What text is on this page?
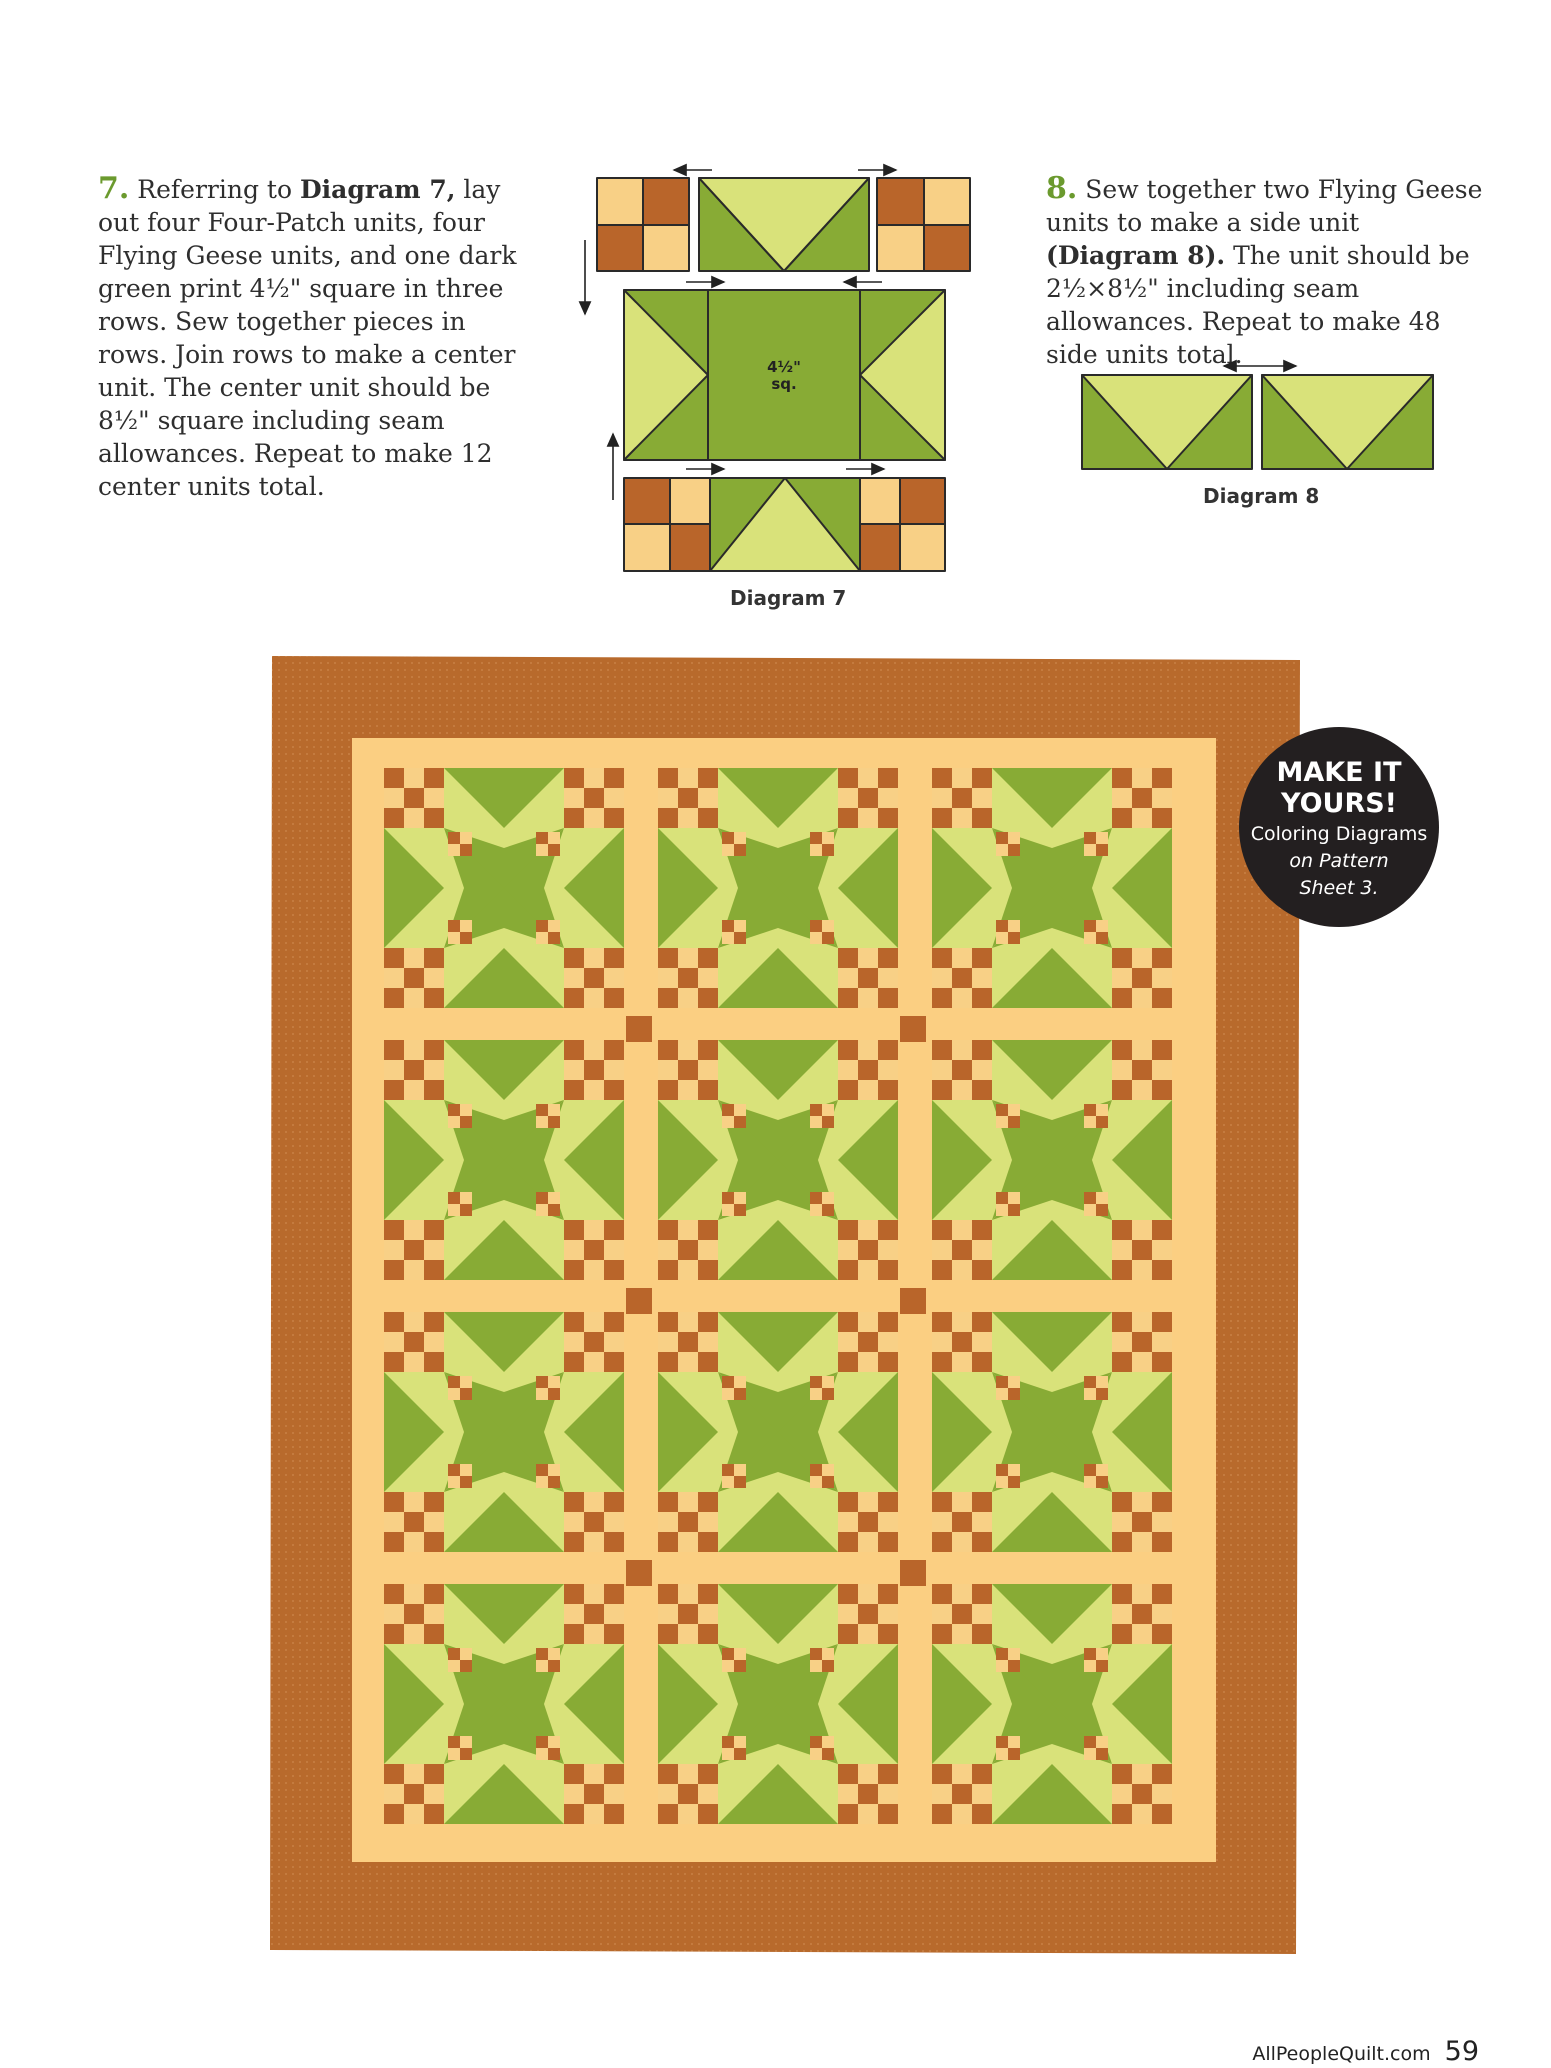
7. Referring to Diagram 7, lay out four Four-Patch units, four Flying Geese units, and one dark green print 4½" square in three rows. Sew together pieces in rows. Join rows to make a center unit. The center unit should be 8½" square including seam allowances. Repeat to make 12 center units total.
8. Sew together two Flying Geese units to make a side unit (Diagram 8). The unit should be 2½×8½" including seam allowances. Repeat to make 48 side units total.
4½"
sq.
Diagram 7
Diagram 8
MAKE IT
YOURS!
Coloring Diagrams
on Pattern
Sheet 3.
AllPeopleQuilt.com 59
